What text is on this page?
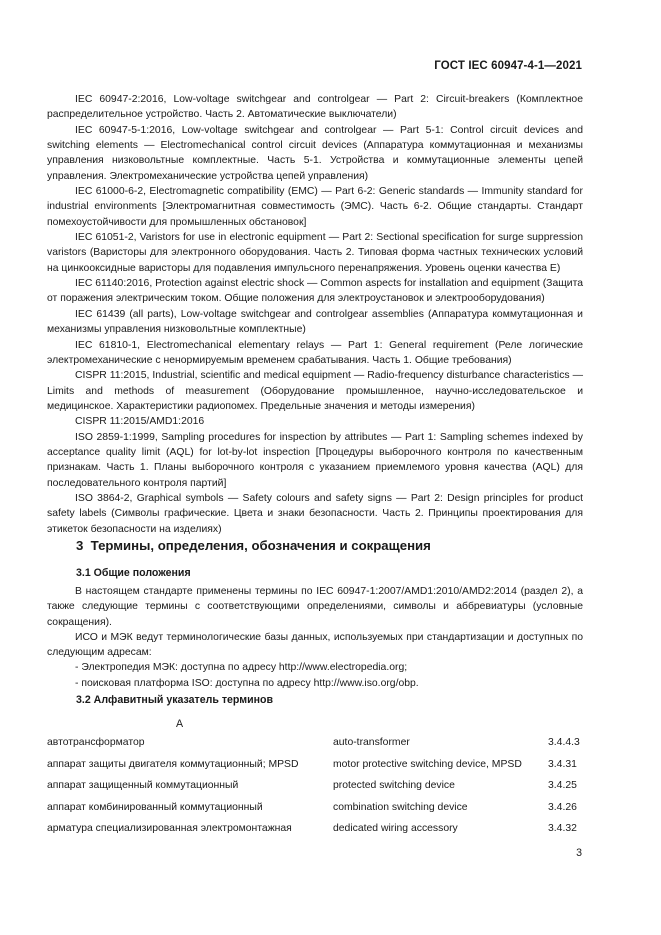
ГОСТ IEC 60947-4-1—2021

IEC 60947-2:2016, Low-voltage switchgear and controlgear — Part 2: Circuit-breakers (Комплектное распределительное устройство. Часть 2. Автоматические выключатели)

IEC 60947-5-1:2016, Low-voltage switchgear and controlgear — Part 5-1: Control circuit devices and switching elements — Electromechanical control circuit devices (Аппаратура коммутационная и механизмы управления низковольтные комплектные. Часть 5-1. Устройства и коммутационные элементы цепей управления. Электромеханические устройства цепей управления)

IEC 61000-6-2, Electromagnetic compatibility (EMC) — Part 6-2: Generic standards — Immunity standard for industrial environments [Электромагнитная совместимость (ЭМС). Часть 6-2. Общие стандарты. Стандарт помехоустойчивости для промышленных обстановок]

IEC 61051-2, Varistors for use in electronic equipment — Part 2: Sectional specification for surge suppression varistors (Варисторы для электронного оборудования. Часть 2. Типовая форма частных технических условий на цинкооксидные варисторы для подавления импульсного перенапряжения. Уровень оценки качества E)

IEC 61140:2016, Protection against electric shock — Common aspects for installation and equipment (Защита от поражения электрическим током. Общие положения для электроустановок и электрооборудования)

IEC 61439 (all parts), Low-voltage switchgear and controlgear assemblies (Аппаратура коммутационная и механизмы управления низковольтные комплектные)

IEC 61810-1, Electromechanical elementary relays — Part 1: General requirement (Реле логические электромеханические с ненормируемым временем срабатывания. Часть 1. Общие требования)

CISPR 11:2015, Industrial, scientific and medical equipment — Radio-frequency disturbance characteristics — Limits and methods of measurement (Оборудование промышленное, научно-исследовательское и медицинское. Характеристики радиопомех. Предельные значения и методы измерения)

CISPR 11:2015/AMD1:2016

ISO 2859-1:1999, Sampling procedures for inspection by attributes — Part 1: Sampling schemes indexed by acceptance quality limit (AQL) for lot-by-lot inspection [Процедуры выборочного контроля по качественным признакам. Часть 1. Планы выборочного контроля с указанием приемлемого уровня качества (AQL) для последовательного контроля партий]

ISO 3864-2, Graphical symbols — Safety colours and safety signs — Part 2: Design principles for product safety labels (Символы графические. Цвета и знаки безопасности. Часть 2. Принципы проектирования для этикеток безопасности на изделиях)

3 Термины, определения, обозначения и сокращения
3.1 Общие положения

В настоящем стандарте применены термины по IEC 60947-1:2007/AMD1:2010/AMD2:2014 (раздел 2), а также следующие термины с соответствующими определениями, символы и аббревиатуры (условные сокращения).

ИСО и МЭК ведут терминологические базы данных, используемых при стандартизации и доступных по следующим адресам:

- Электропедия МЭК: доступна по адресу http://www.electropedia.org;

- поисковая платформа ISO: доступна по адресу http://www.iso.org/obp.

3.2 Алфавитный указатель терминов
А
автотрансформатор	auto-transformer	3.4.4.3
аппарат защиты двигателя коммутационный; MPSD	motor protective switching device, MPSD	3.4.31
аппарат защищенный коммутационный	protected switching device	3.4.25
аппарат комбинированный коммутационный	combination switching device	3.4.26
арматура специализированная электромонтажная	dedicated wiring accessory	3.4.32
3
